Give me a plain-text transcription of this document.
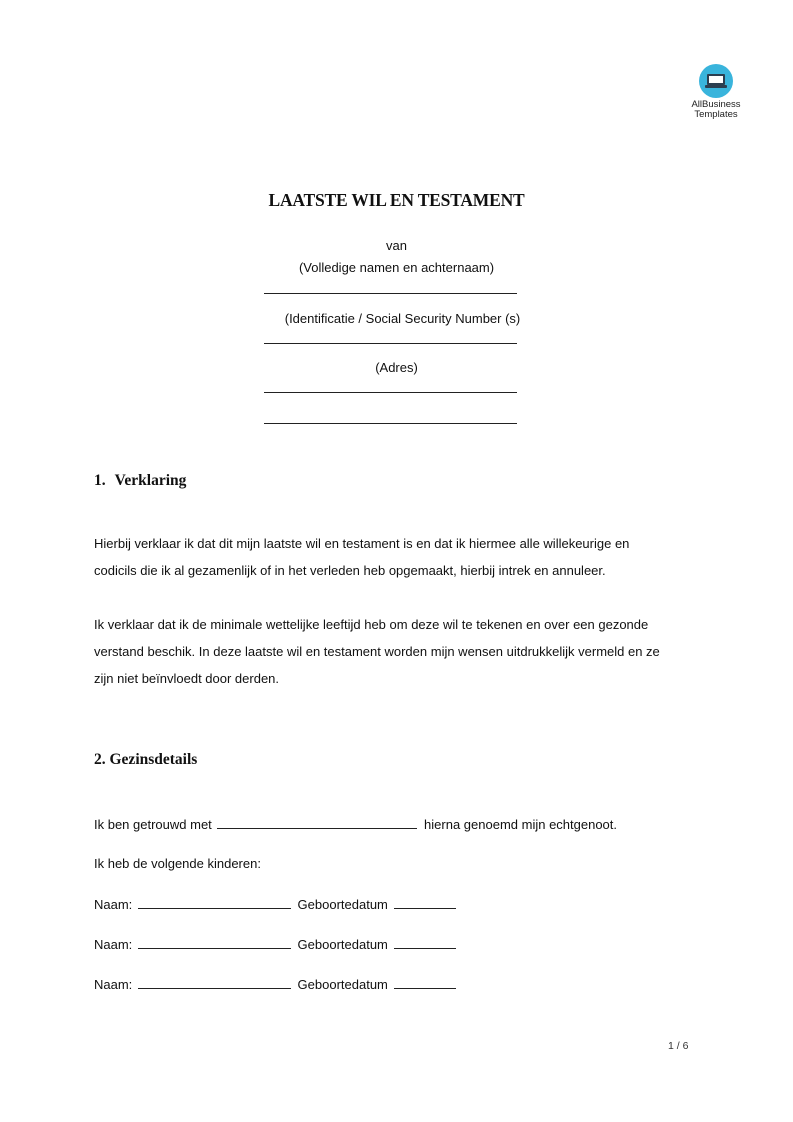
AllBusiness
Templates
LAATSTE WIL EN TESTAMENT
van
(Volledige namen en achternaam)
(Identificatie / Social Security Number (s)
(Adres)
1. Verklaring
Hierbij verklaar ik dat dit mijn laatste wil en testament is en dat ik hiermee alle willekeurige en
codicils die ik al gezamenlijk of in het verleden heb opgemaakt, hierbij intrek en annuleer.
Ik verklaar dat ik de minimale wettelijke leeftijd heb om deze wil te tekenen en over een gezonde
verstand beschik. In deze laatste wil en testament worden mijn wensen uitdrukkelijk vermeld en ze
zijn niet beïnvloedt door derden.
2. Gezinsdetails
Ik ben getrouwd met	hierna genoemd mijn echtgenoot.
Ik heb de volgende kinderen:
Naam:	Geboortedatum
Naam:	Geboortedatum
Naam:	Geboortedatum
1 / 6
